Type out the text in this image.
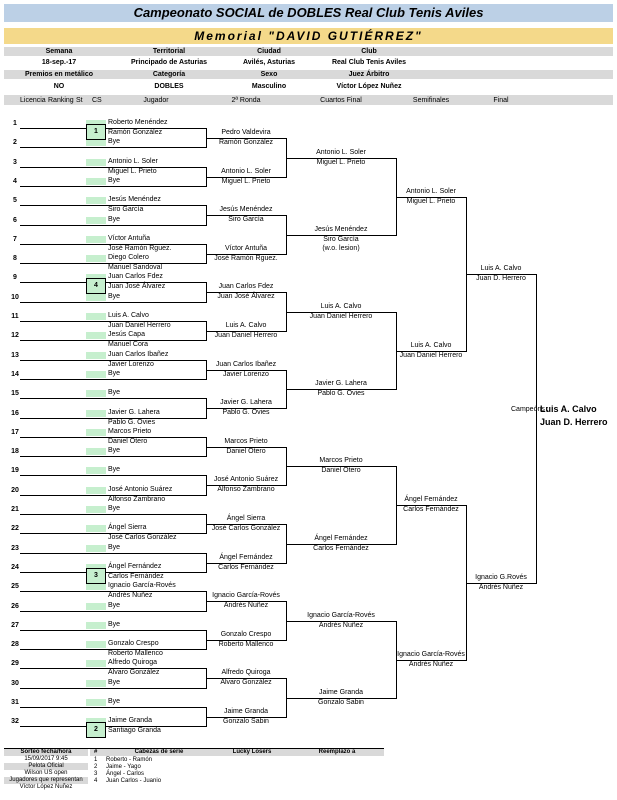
Campeonato SOCIAL de DOBLES Real Club Tenis Aviles
Memorial "DAVID GUTIÉRREZ"
Semana	Territorial	Ciudad	Club
18-sep.-17	Principado de Asturias	Avilés, Asturias	Real Club Tenis Aviles
Premios en metálico	Categoría	Sexo	Juez Árbitro
NO	DOBLES	Masculino	Víctor López Nuñez
Licencia Ranking St CS	Jugador	2ª Ronda	Cuartos Final	Semifinales	Final
1	Roberto Menéndez
Ramón González
2	Bye
3	Antonio L. Soler
Miguel L. Prieto
4	Bye
5	Jesús Menéndez
Siro García
6	Bye
7	Víctor Antuña
José Ramón Rguez.
8	Diego Colero
Manuel Sandoval
9	Juan Carlos Fdez
Juan José Álvarez
10	Bye
11	Luis A. Calvo
Juan Daniel Herrero
12	Jesús Capa
Manuel Cora
13	Juan Carlos Ibañez
Javier Lorenzo
14	Bye
15	Bye
16	Javier G. Lahera
Pablo G. Ovies
17	Marcos Prieto
Daniel Otero
18	Bye
19	Bye
20	José Antonio Suárez
Alfonso Zambrano
21	Bye
22	Ángel Sierra
José Carlos González
23	Bye
24	Ángel Fernández
Carlos Fernández
25	Ignacio García-Rovés
Andrés Nuñez
26	Bye
27	Bye
28	Gonzalo Crespo
Roberto Mallenco
29	Alfredo Quiroga
Alvaro González
30	Bye
31	Bye
32	Jaime Granda
Santiago Granda
1
4
3
2
Pedro Valdevira
Ramón González
Antonio L. Soler
Miguel L. Prieto
Jesús Menéndez
Siro García
Víctor Antuña
José Ramón Rguez.
Juan Carlos Fdez
Juan José Álvarez
Luis A. Calvo
Juan Daniel Herrero
Juan Carlos Ibañez
Javier Lorenzo
Javier G. Lahera
Pablo G. Ovies
Marcos Prieto
Daniel Otero
José Antonio Suárez
Alfonso Zambrano
Ángel Sierra
José Carlos González
Ángel Fernández
Carlos Fernández
Ignacio García-Rovés
Andrés Nuñez
Gonzalo Crespo
Roberto Mallenco
Alfredo Quiroga
Alvaro González
Jaime Granda
Gonzalo Sabin
Antonio L. Soler
Miguel L. Prieto
Jesús Menéndez
Siro García
(w.o. lesion)
Luis A. Calvo
Juan Daniel Herrero
Javier G. Lahera
Pablo G. Ovies
Marcos Prieto
Daniel Otero
Ángel Fernández
Carlos Fernández
Ignacio García-Rovés
Andrés Nuñez
Jaime Granda
Gonzalo Sabin
Antonio L. Soler
Miguel L. Prieto
Luis A. Calvo
Juan Daniel Herrero
Ángel Fernández
Carlos Fernández
Ignacio García-Rovés
Andrés Nuñez
Luis A. Calvo
Juan D. Herrero
Ignacio G.Rovés
Andrés Nuñez
Campeóns :
Luis A. Calvo
Juan D. Herrero
Sorteo fecha/hora
15/09/2017 9:45
Pelota Oficial
Wilson US open
Jugadores que representan
Víctor López Nuñez
#	Cabezas de serie	Lucky Losers	Reemplazo a
1 Roberto - Ramón
2 Jaime - Yago
3 Ángel - Carlos
4 Juan Carlos - Juanio
